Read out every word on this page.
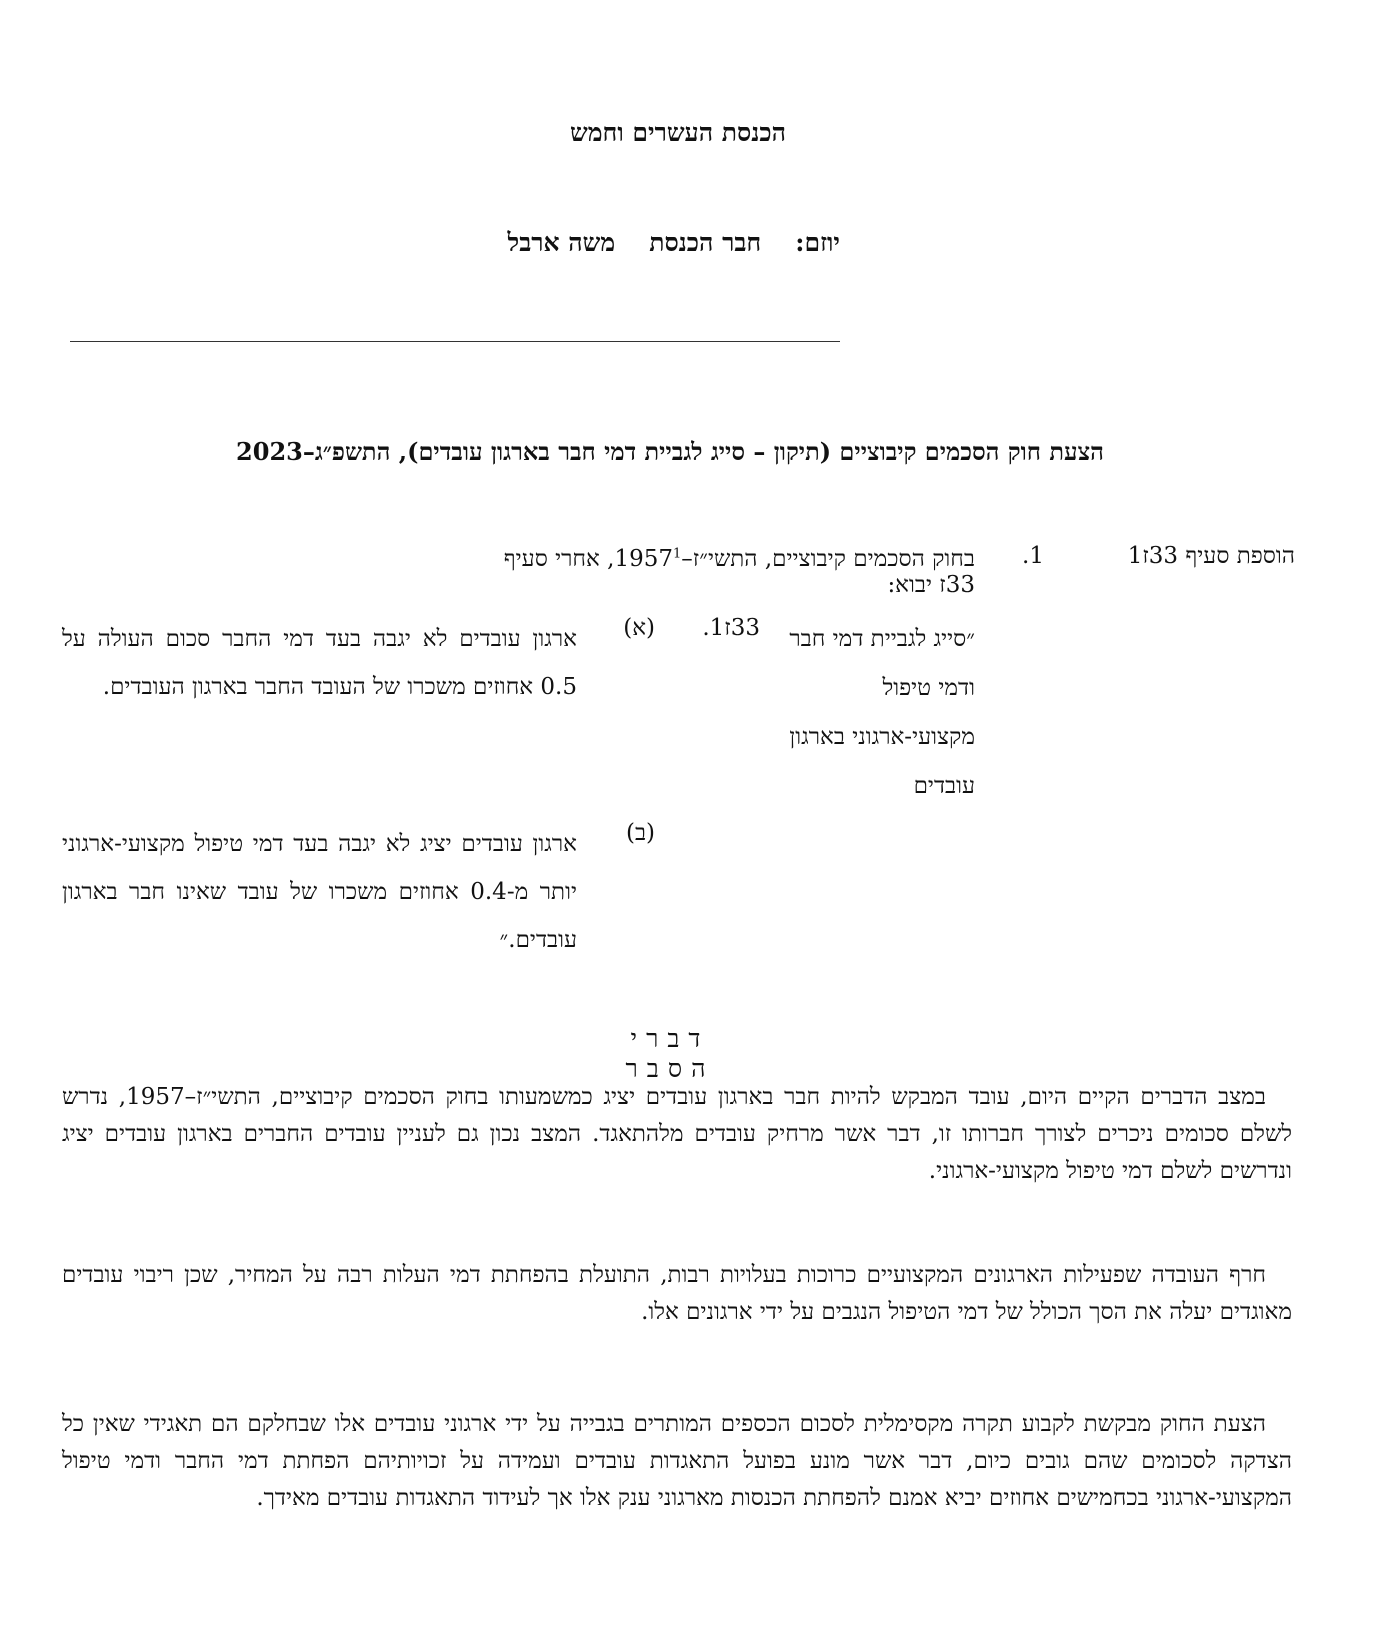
הכנסת העשרים וחמש
יוזם:
חבר הכנסת
משה ארבל
הצעת חוק הסכמים קיבוציים (תיקון – סייג לגביית דמי חבר בארגון עובדים), התשפ״ג–2023
הוספת סעיף 33ז1
1.
בחוק הסכמים קיבוציים, התשי״ז–1957$^1$, אחרי סעיף 33ז יבוא:
״סייג לגביית דמי חבר ודמי טיפול מקצועי-ארגוני בארגון עובדים
33ז1.
(א)
ארגון עובדים לא יגבה בעד דמי החבר סכום העולה על 0.5 אחוזים משכרו של העובד החבר בארגון העובדים.
(ב)
ארגון עובדים יציג לא יגבה בעד דמי טיפול מקצועי-ארגוני יותר מ-0.4 אחוזים משכרו של עובד שאינו חבר בארגון עובדים.״
דברי הסבר
במצב הדברים הקיים היום, עובד המבקש להיות חבר בארגון עובדים יציג כמשמעותו בחוק הסכמים קיבוציים, התשי״ז–1957, נדרש לשלם סכומים ניכרים לצורך חברותו זו, דבר אשר מרחיק עובדים מלהתאגד. המצב נכון גם לעניין עובדים החברים בארגון עובדים יציג ונדרשים לשלם דמי טיפול מקצועי-ארגוני.
חרף העובדה שפעילות הארגונים המקצועיים כרוכות בעלויות רבות, התועלת בהפחתת דמי העלות רבה על המחיר, שכן ריבוי עובדים מאוגדים יעלה את הסך הכולל של דמי הטיפול הנגבים על ידי ארגונים אלו.
הצעת החוק מבקשת לקבוע תקרה מקסימלית לסכום הכספים המותרים בגבייה על ידי ארגוני עובדים אלו שבחלקם הם תאגידי שאין כל הצדקה לסכומים שהם גובים כיום, דבר אשר מונע בפועל התאגדות עובדים ועמידה על זכויותיהם הפחתת דמי החבר ודמי טיפול המקצועי-ארגוני בכחמישים אחוזים יביא אמנם להפחתת הכנסות מארגוני ענק אלו אך לעידוד התאגדות עובדים מאידך.
